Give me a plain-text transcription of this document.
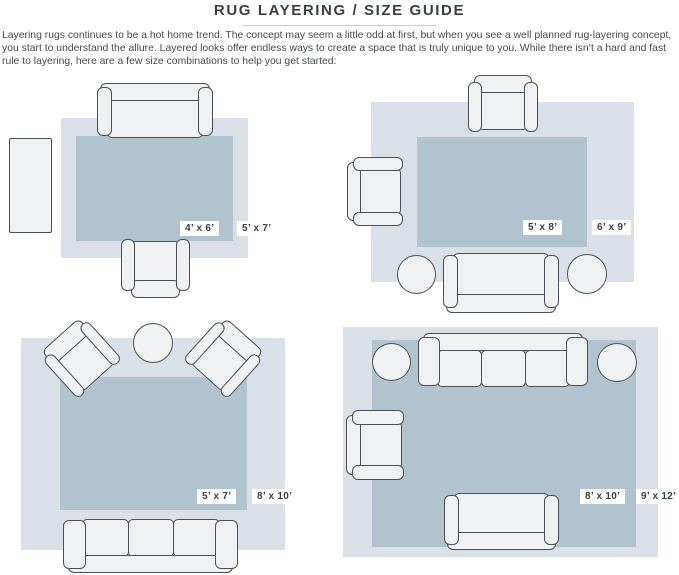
RUG LAYERING / SIZE GUIDE
Layering rugs continues to be a hot home trend. The concept may seem a little odd at first, but when you see a well planned rug-layering concept, you start to understand the allure. Layered looks offer endless ways to create a space that is truly unique to you. While there isn’t a hard and fast rule to layering, here are a few size combinations to help you get started:
4’ x 6’	5’ x 7’	5’ x 8’	6’ x 9’
5’ x 7’	8’ x 10’	8’ x 10’	9’ x 12’
